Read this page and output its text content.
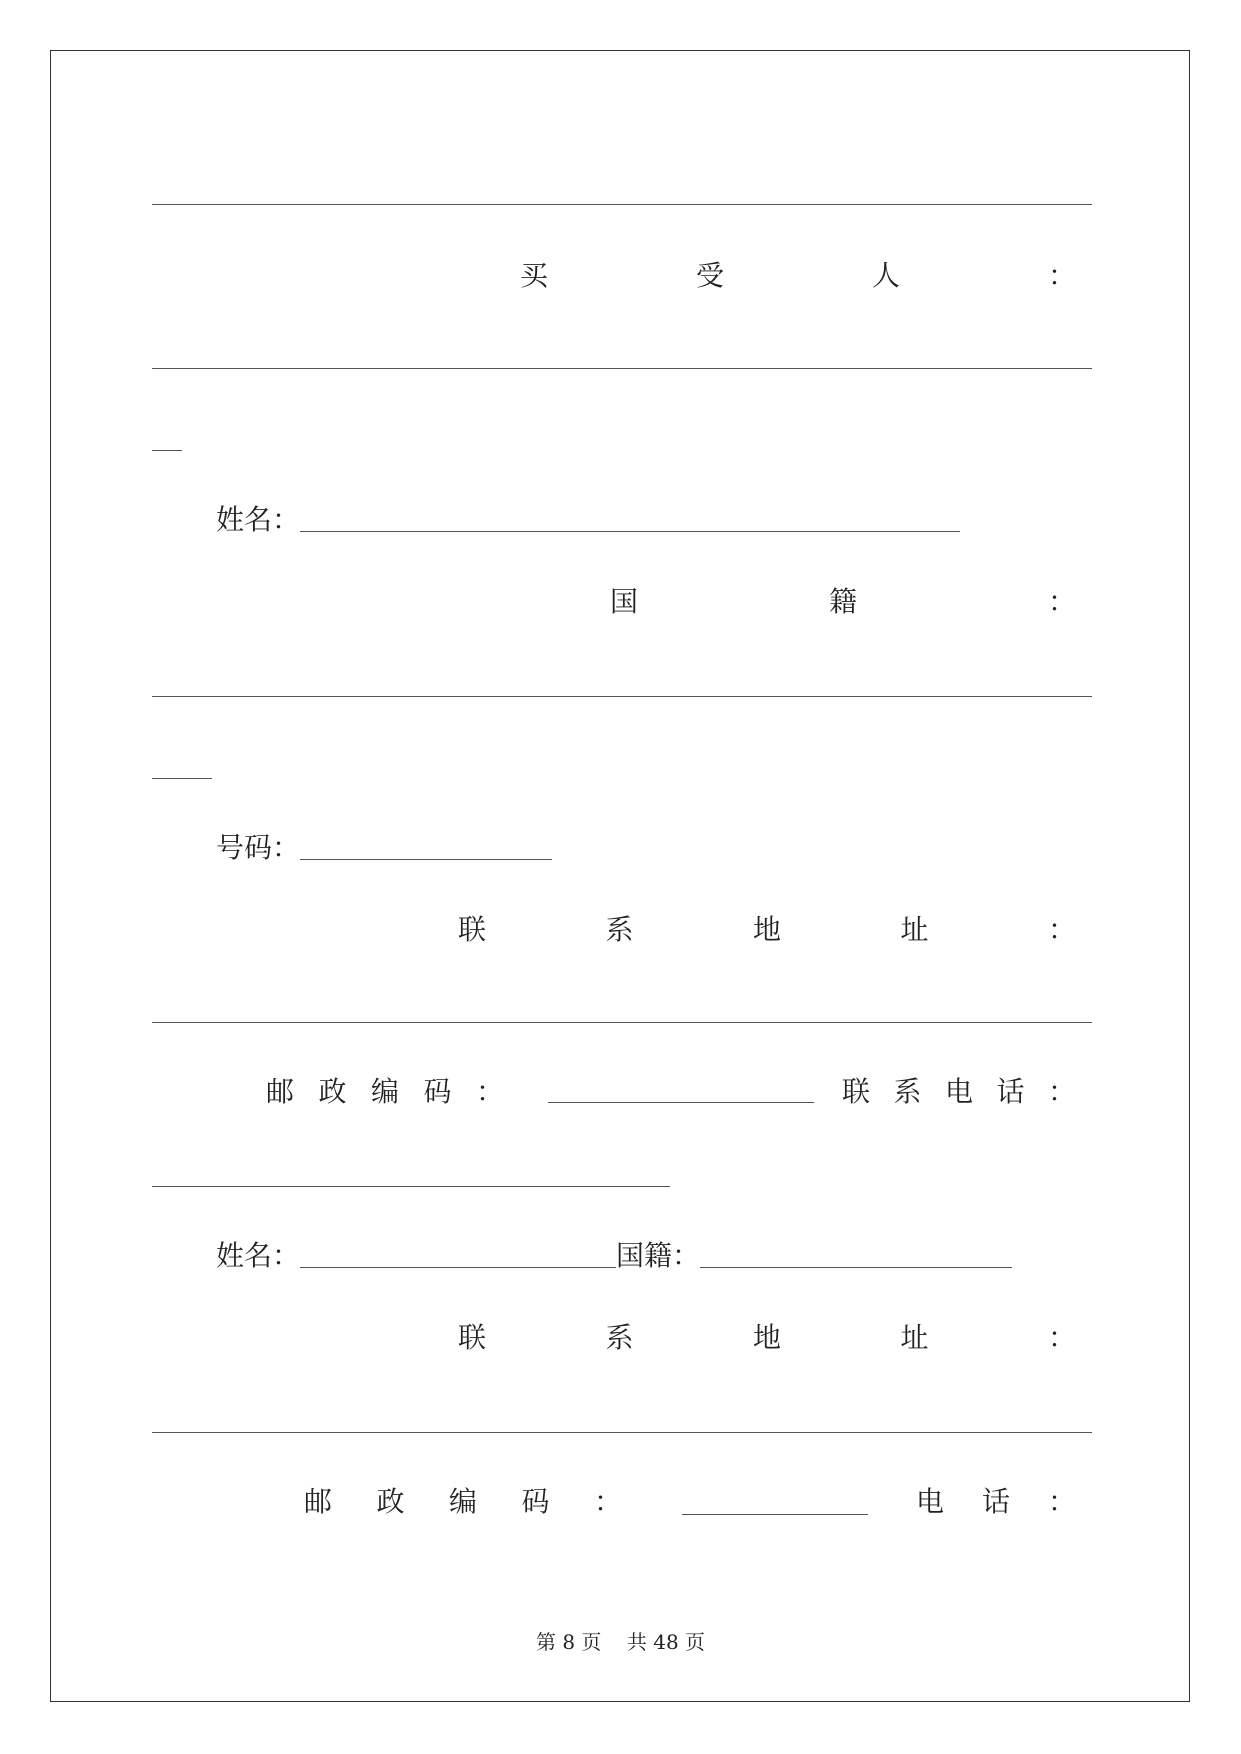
买	受	人	：
姓名：
国	籍	：
号码：
联	系	地	址	：
邮 政 编 码 ：	联 系 电 话 ：
姓名：	国籍：
联	系	地	址	：
邮 政 编 码 ：	电 话 ：
第 8 页 共 48 页
